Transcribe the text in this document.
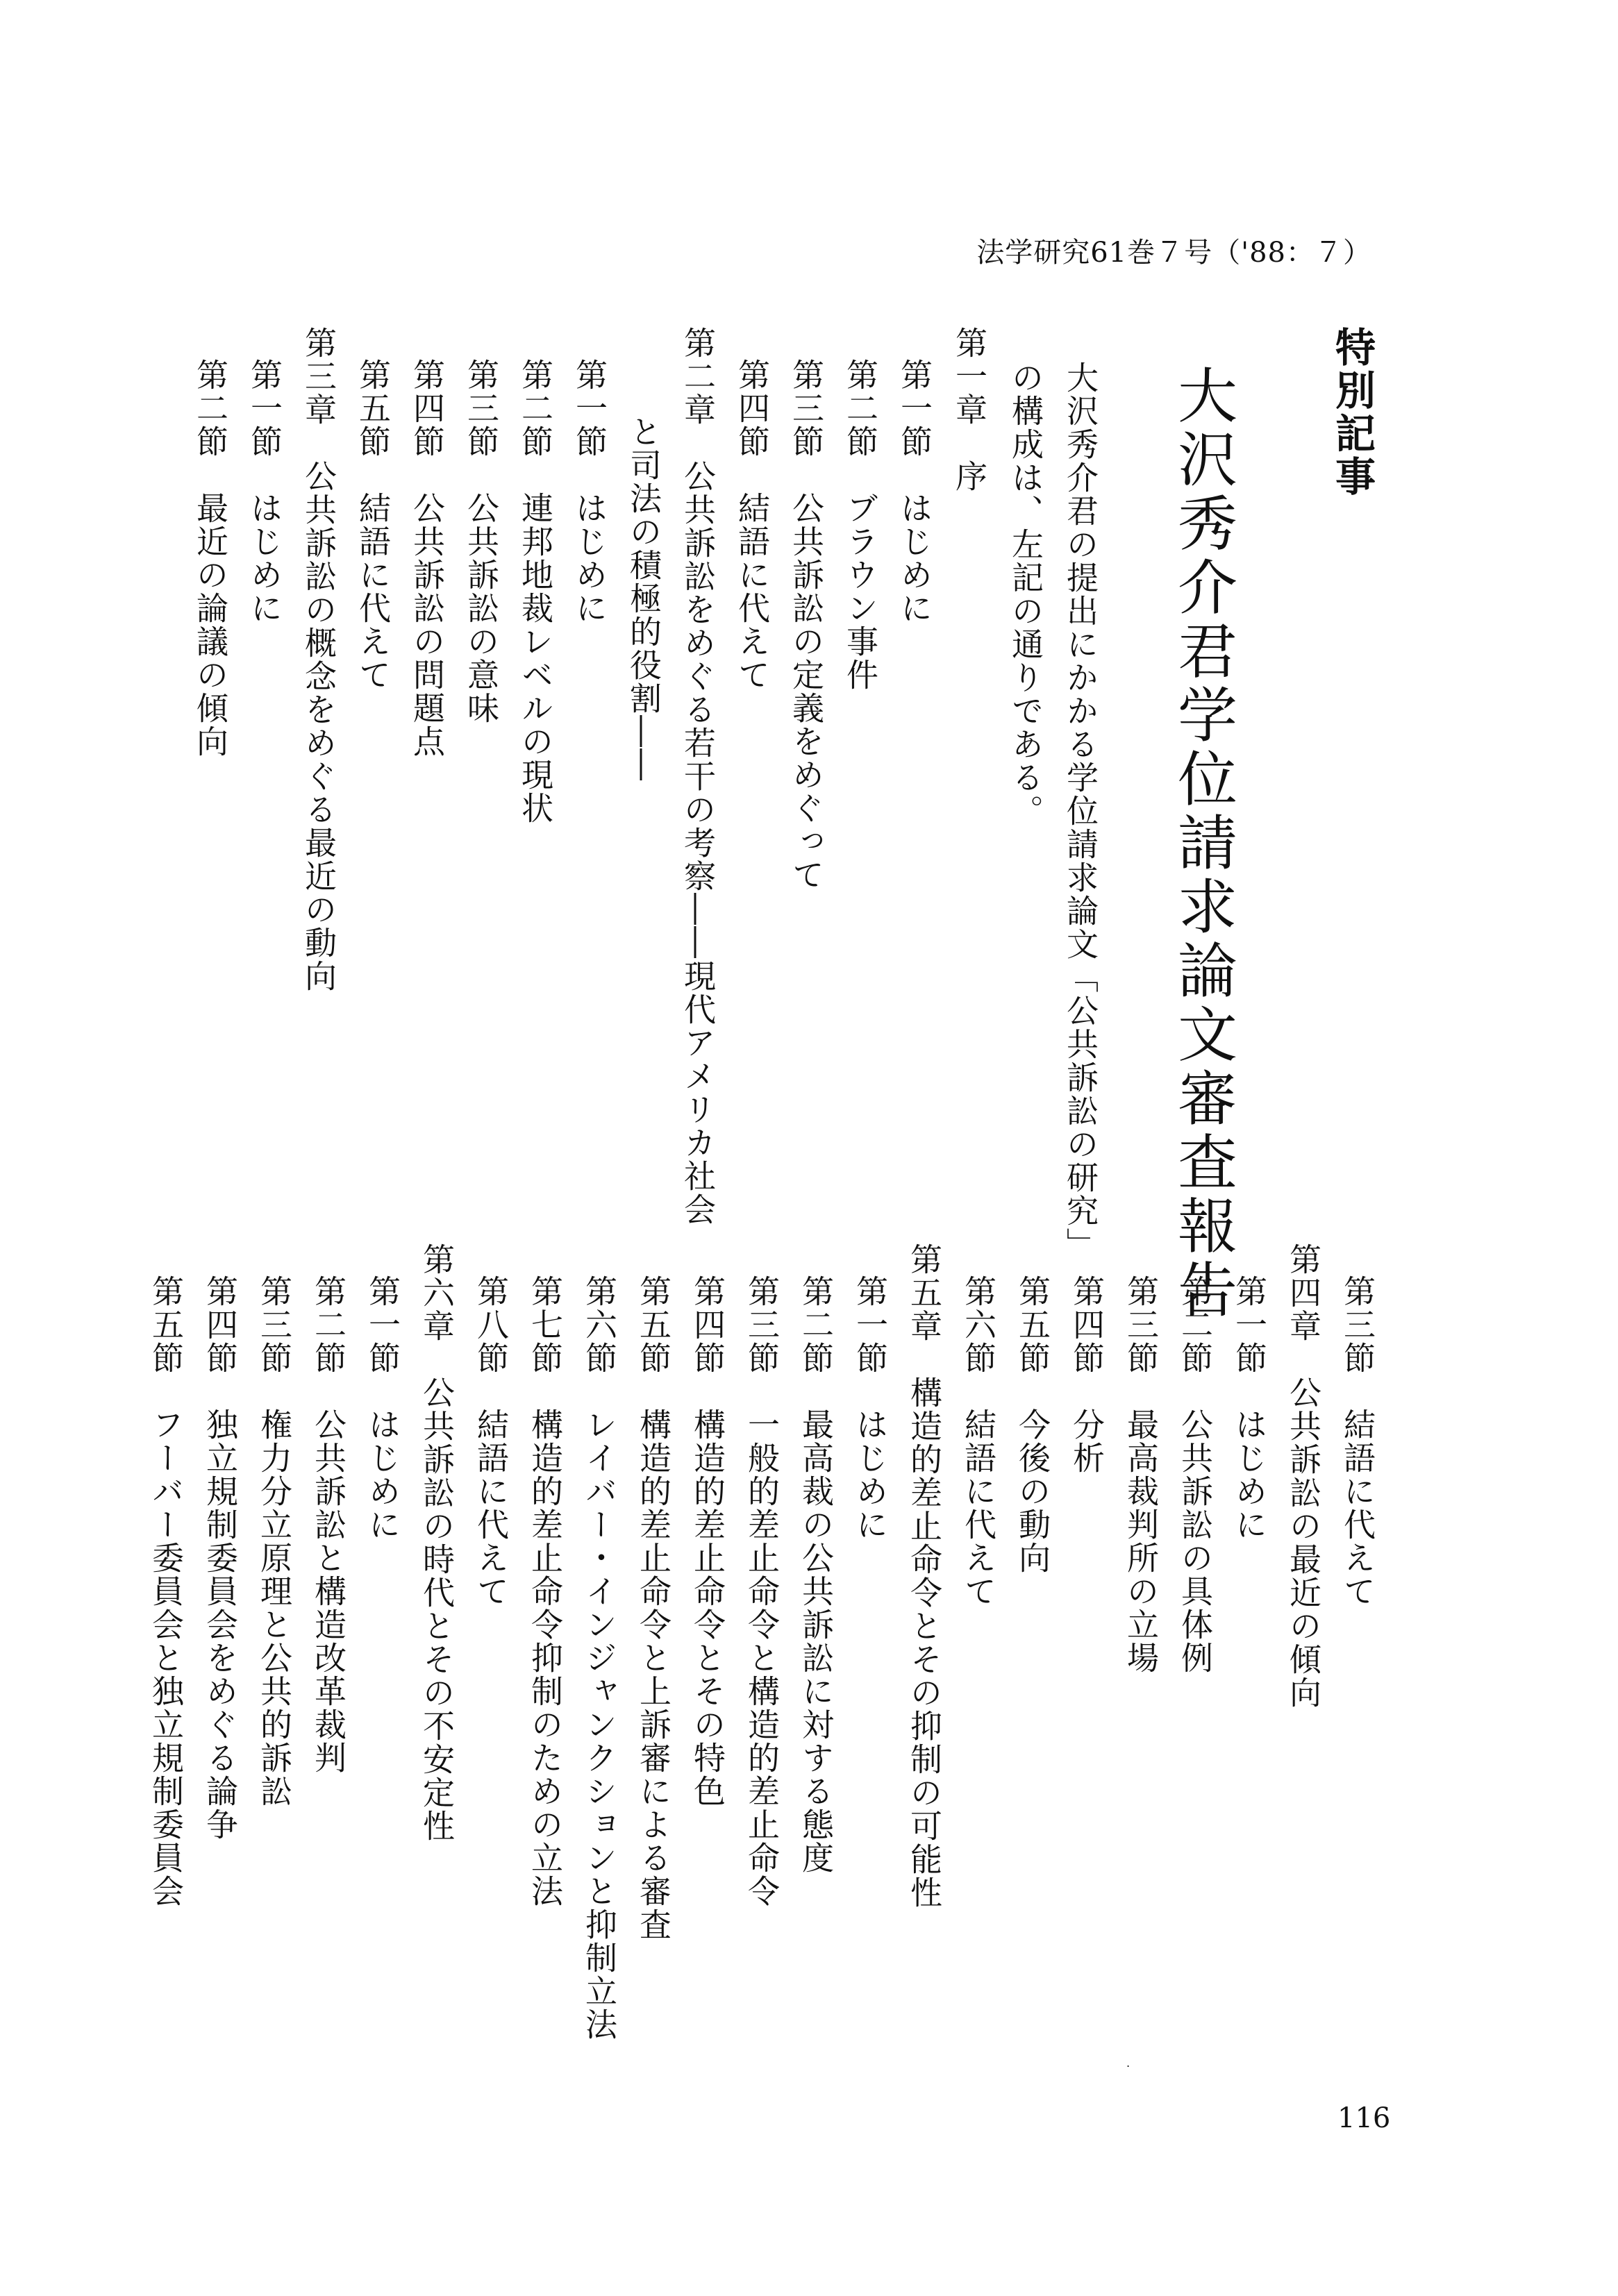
法学研究61巻７号（'88：７）
特別記事
大沢秀介君学位請求論文審査報告
大沢秀介君の提出にかかる学位請求論文「公共訴訟の研究」
の構成は、左記の通りである。
第一章　序
第一節　はじめに
第二節　ブラウン事件
第三節　公共訴訟の定義をめぐって
第四節　結語に代えて
第二章　公共訴訟をめぐる若干の考察――現代アメリカ社会
と司法の積極的役割――
第一節　はじめに
第二節　連邦地裁レベルの現状
第三節　公共訴訟の意味
第四節　公共訴訟の問題点
第五節　結語に代えて
第三章　公共訴訟の概念をめぐる最近の動向
第一節　はじめに
第二節　最近の論議の傾向
第三節　結語に代えて
第四章　公共訴訟の最近の傾向
第一節　はじめに
第二節　公共訴訟の具体例
第三節　最高裁判所の立場
第四節　分析
第五節　今後の動向
第六節　結語に代えて
第五章　構造的差止命令とその抑制の可能性
第一節　はじめに
第二節　最高裁の公共訴訟に対する態度
第三節　一般的差止命令と構造的差止命令
第四節　構造的差止命令とその特色
第五節　構造的差止命令と上訴審による審査
第六節　レイバー・インジャンクションと抑制立法
第七節　構造的差止命令抑制のための立法
第八節　結語に代えて
第六章　公共訴訟の時代とその不安定性
第一節　はじめに
第二節　公共訴訟と構造改革裁判
第三節　権力分立原理と公共的訴訟
第四節　独立規制委員会をめぐる論争
第五節　フーバー委員会と独立規制委員会
.
116
